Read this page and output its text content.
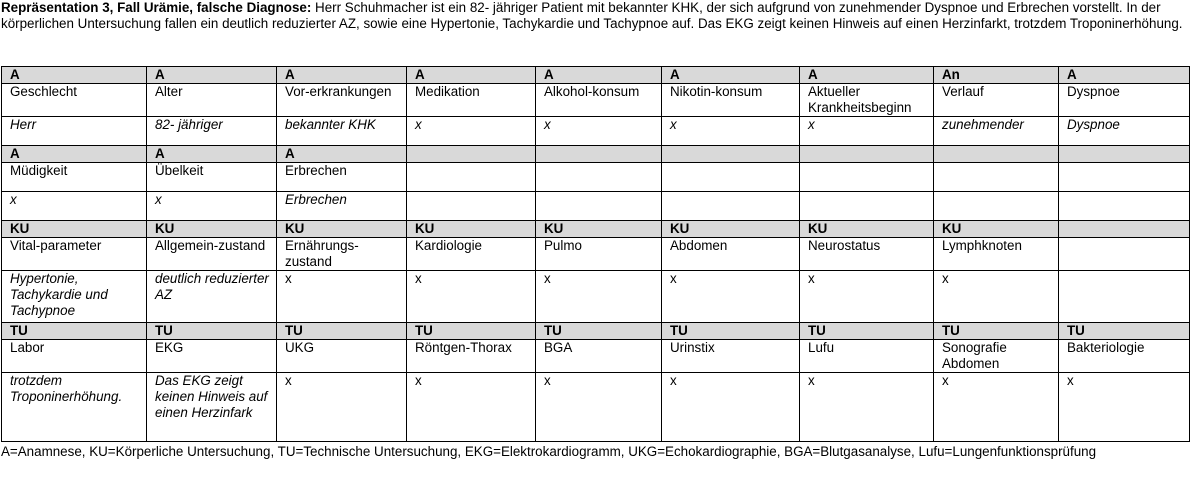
Repräsentation 3, Fall Urämie, falsche Diagnose: Herr Schuhmacher ist ein 82- jähriger Patient mit bekannter KHK, der sich aufgrund von zunehmender Dyspnoe und Erbrechen vorstellt. In der körperlichen Untersuchung fallen ein deutlich reduzierter AZ, sowie eine Hypertonie, Tachykardie und Tachypnoe auf. Das EKG zeigt keinen Hinweis auf einen Herzinfarkt, trotzdem Troponinerhöhung.

A	A	A	A	A	A	A	An	A
Geschlecht	Alter	Vor-erkrankungen	Medikation	Alkohol-konsum	Nikotin-konsum	Aktueller Krankheitsbeginn	Verlauf	Dyspnoe
Herr	82- jähriger	bekannter KHK	x	x	x	x	zunehmender	Dyspnoe
A	A	A						
Müdigkeit	Übelkeit	Erbrechen						
x	x	Erbrechen						
KU	KU	KU	KU	KU	KU	KU	KU	
Vital-parameter	Allgemein-zustand	Ernährungs-zustand	Kardiologie	Pulmo	Abdomen	Neurostatus	Lymphknoten	
Hypertonie, Tachykardie und Tachypnoe	deutlich reduzierter AZ	x	x	x	x	x	x	
TU	TU	TU	TU	TU	TU	TU	TU	TU
Labor	EKG	UKG	Röntgen-Thorax	BGA	Urinstix	Lufu	Sonografie Abdomen	Bakteriologie
trotzdem Troponinerhöhung.	Das EKG zeigt keinen Hinweis auf einen Herzinfark	x	x	x	x	x	x	x

A=Anamnese, KU=Körperliche Untersuchung, TU=Technische Untersuchung, EKG=Elektrokardiogramm, UKG=Echokardiographie, BGA=Blutgasanalyse, Lufu=Lungenfunktionsprüfung
